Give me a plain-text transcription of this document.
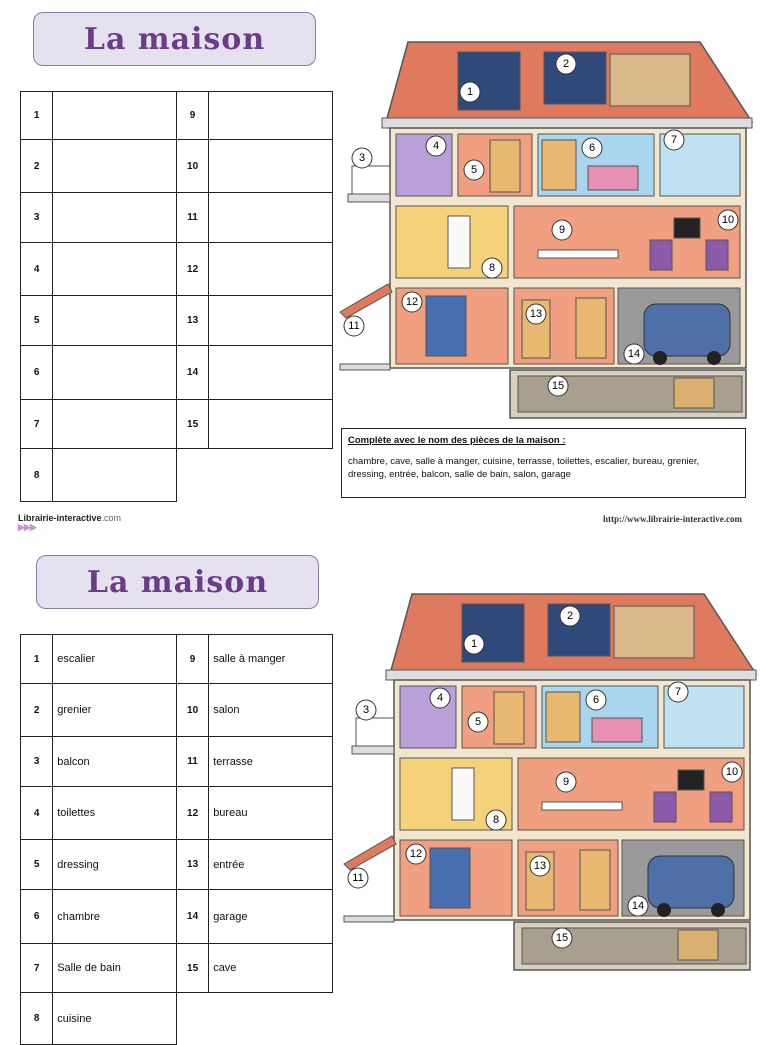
La maison
1		9	
2		10	
3		11	
4		12	
5		13	
6		14	
7		15	
8			
1
2
3
4
5
6
7
8
9
10
11
12
13
14
15
Complète avec le nom des pièces de la maison :
chambre, cave, salle à manger, cuisine, terrasse, toilettes, escalier, bureau, grenier, dressing, entrée, balcon, salle de bain, salon, garage
Librairie-interactive.com
▶▶▶
http://www.librairie-interactive.com
La maison
1	escalier	9	salle à manger
2	grenier	10	salon
3	balcon	11	terrasse
4	toilettes	12	bureau
5	dressing	13	entrée
6	chambre	14	garage
7	Salle de bain	15	cave
8	cuisine		
1
2
3
4
5
6
7
8
9
10
11
12
13
14
15
